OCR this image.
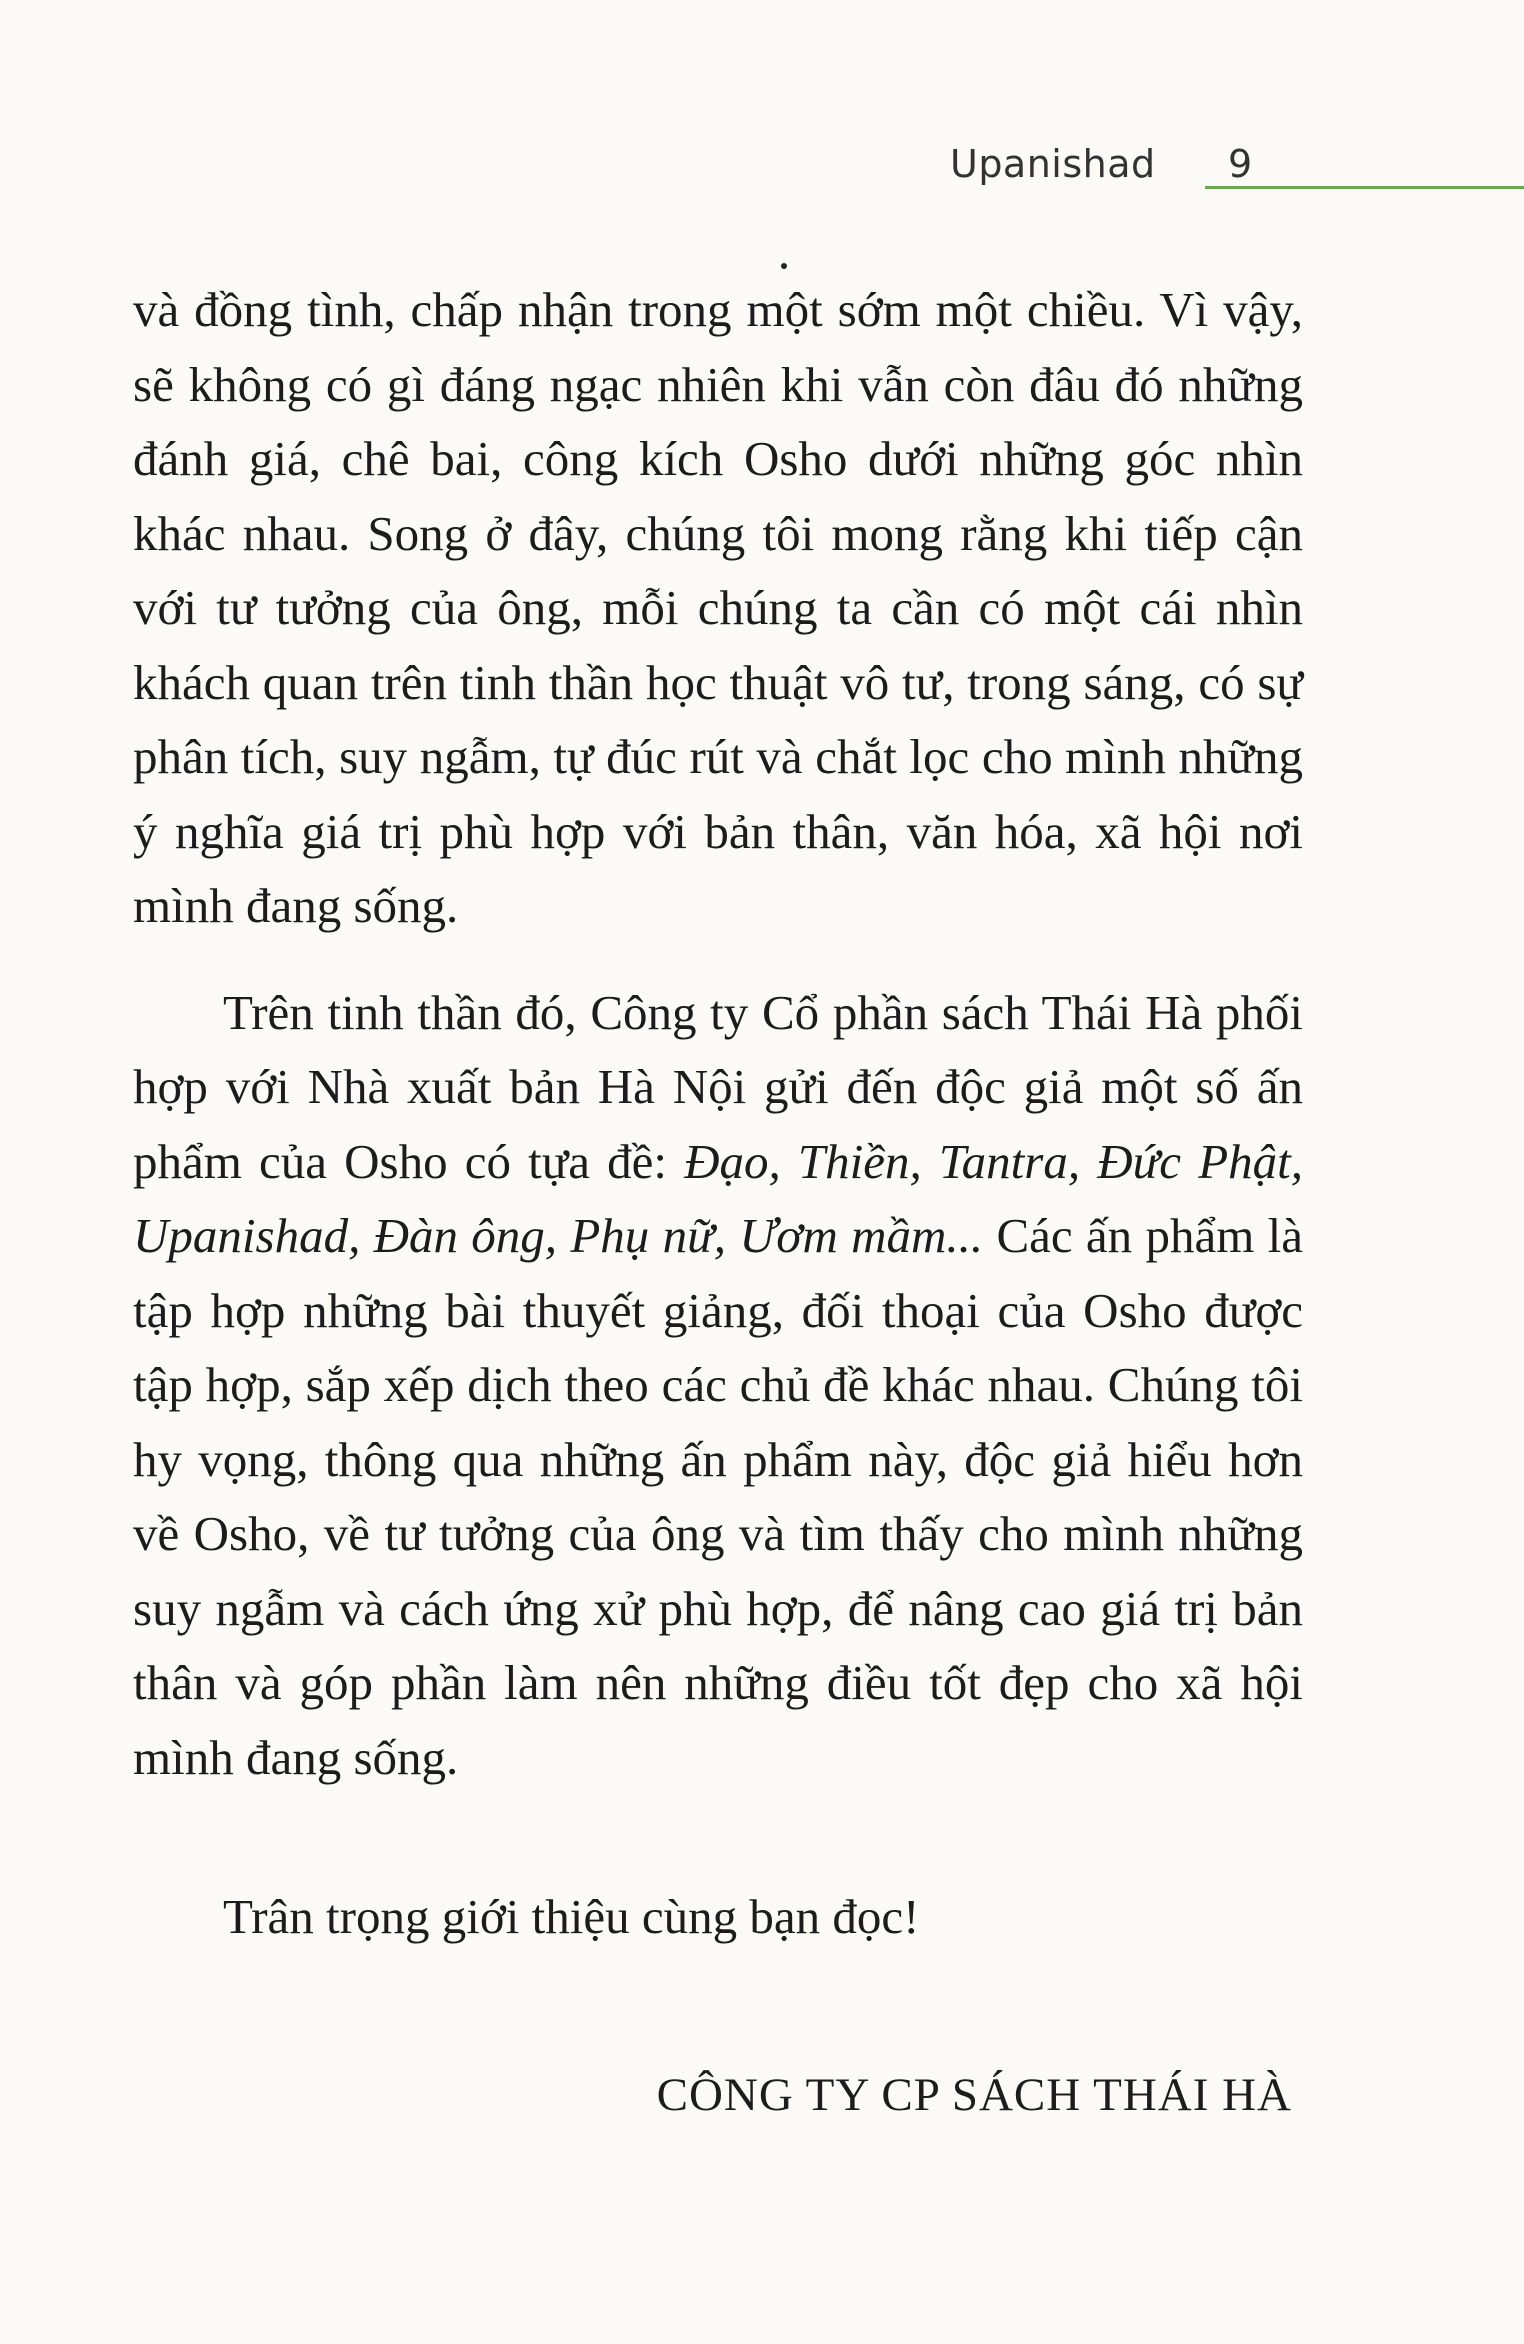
Upanishad 9

và đồng tình, chấp nhận trong một sớm một chiều. Vì vậy, sẽ không có gì đáng ngạc nhiên khi vẫn còn đâu đó những đánh giá, chê bai, công kích Osho dưới những góc nhìn khác nhau. Song ở đây, chúng tôi mong rằng khi tiếp cận với tư tưởng của ông, mỗi chúng ta cần có một cái nhìn khách quan trên tinh thần học thuật vô tư, trong sáng, có sự phân tích, suy ngẫm, tự đúc rút và chắt lọc cho mình những ý nghĩa giá trị phù hợp với bản thân, văn hóa, xã hội nơi mình đang sống.

Trên tinh thần đó, Công ty Cổ phần sách Thái Hà phối hợp với Nhà xuất bản Hà Nội gửi đến độc giả một số ấn phẩm của Osho có tựa đề: Đạo, Thiền, Tantra, Đức Phật, Upanishad, Đàn ông, Phụ nữ, Ươm mầm... Các ấn phẩm là tập hợp những bài thuyết giảng, đối thoại của Osho được tập hợp, sắp xếp dịch theo các chủ đề khác nhau. Chúng tôi hy vọng, thông qua những ấn phẩm này, độc giả hiểu hơn về Osho, về tư tưởng của ông và tìm thấy cho mình những suy ngẫm và cách ứng xử phù hợp, để nâng cao giá trị bản thân và góp phần làm nên những điều tốt đẹp cho xã hội mình đang sống.

Trân trọng giới thiệu cùng bạn đọc!
CÔNG TY CP SÁCH THÁI HÀ
